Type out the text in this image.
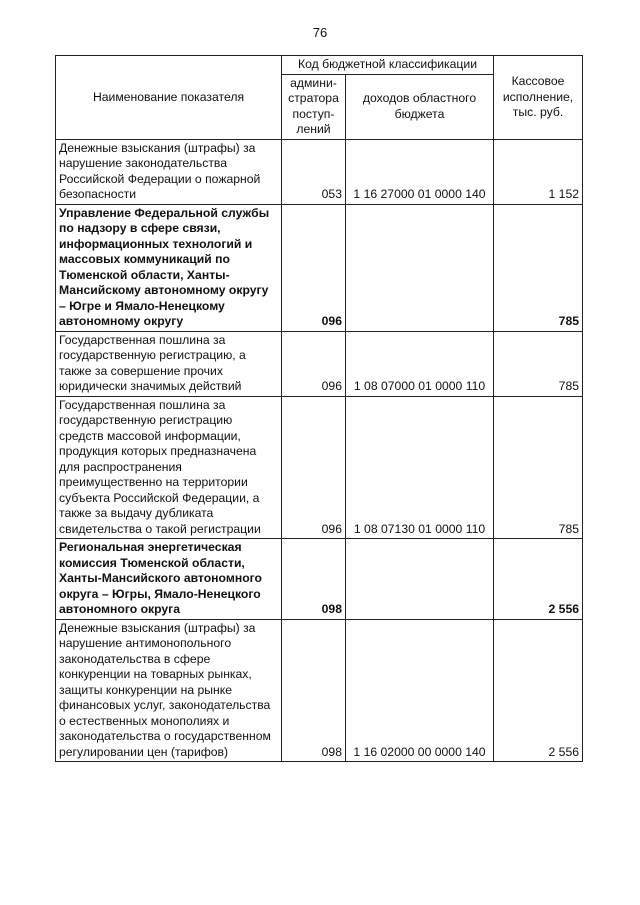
76
Наименование показателя	Код бюджетной классификации		Кассовое исполнение, тыс. руб.
	админи-стратора поступ-лений	доходов областного бюджета	
Денежные взыскания (штрафы) за нарушение законодательства Российской Федерации о пожарной безопасности	053	1 16 27000 01 0000 140	1 152
Управление Федеральной службы по надзору в сфере связи, информационных технологий и массовых коммуникаций по Тюменской области, Ханты-Мансийскому автономному округу – Югре и Ямало-Ненецкому автономному округу	096		785
Государственная пошлина за государственную регистрацию, а также за совершение прочих юридически значимых действий	096	1 08 07000 01 0000 110	785
Государственная пошлина за государственную регистрацию средств массовой информации, продукция которых предназначена для распространения преимущественно на территории субъекта Российской Федерации, а также за выдачу дубликата свидетельства о такой регистрации	096	1 08 07130 01 0000 110	785
Региональная энергетическая комиссия Тюменской области, Ханты-Мансийского автономного округа – Югры, Ямало-Ненецкого автономного округа	098		2 556
Денежные взыскания (штрафы) за нарушение антимонопольного законодательства в сфере конкуренции на товарных рынках, защиты конкуренции на рынке финансовых услуг, законодательства о естественных монополиях и законодательства о государственном регулировании цен (тарифов)	098	1 16 02000 00 0000 140	2 556
